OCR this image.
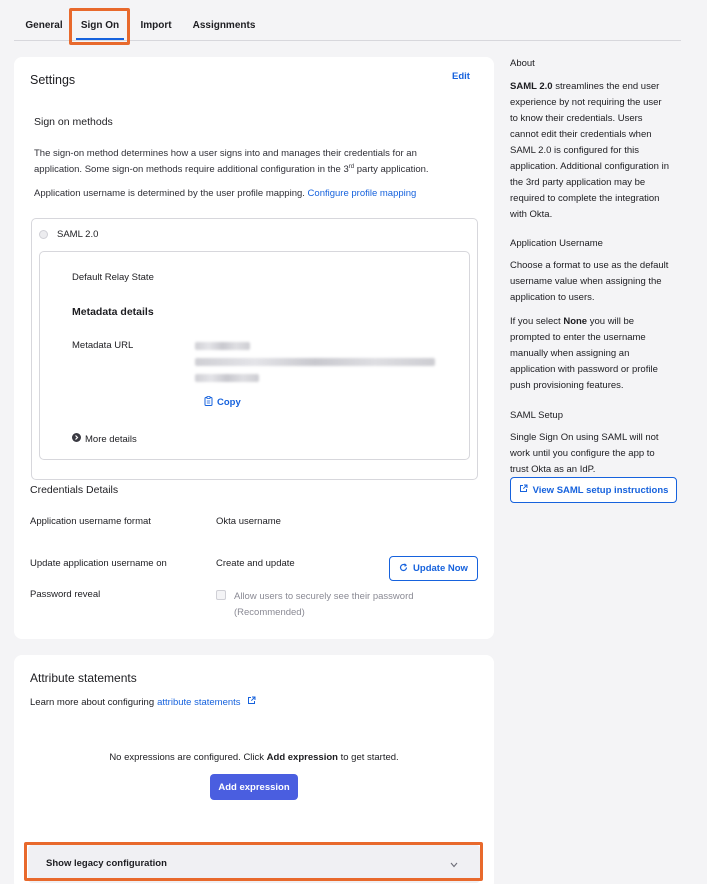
General	Sign On	Import Assignments
Settings	Edit
Sign on methods
The sign-on method determines how a user signs into and manages their credentials for an
application. Some sign-on methods require additional configuration in the 3rd party application.
Application username is determined by the user profile mapping. Configure profile mapping
SAML 2.0
Default Relay State
Metadata details
Metadata URL
Copy
More details
Credentials Details
Application username format	Okta username
Update application username on	Create and update	Update Now
Password reveal	Allow users to securely see their password
(Recommended)
Attribute statements
Learn more about configuring attribute statements
No expressions are configured. Click Add expression to get started.
Add expression
Show legacy configuration
About
SAML 2.0 streamlines the end user
experience by not requiring the user
to know their credentials. Users
cannot edit their credentials when
SAML 2.0 is configured for this
application. Additional configuration in
the 3rd party application may be
required to complete the integration
with Okta.
Application Username
Choose a format to use as the default
username value when assigning the
application to users.
If you select None you will be
prompted to enter the username
manually when assigning an
application with password or profile
push provisioning features.
SAML Setup
Single Sign On using SAML will not
work until you configure the app to
trust Okta as an IdP.
View SAML setup instructions
